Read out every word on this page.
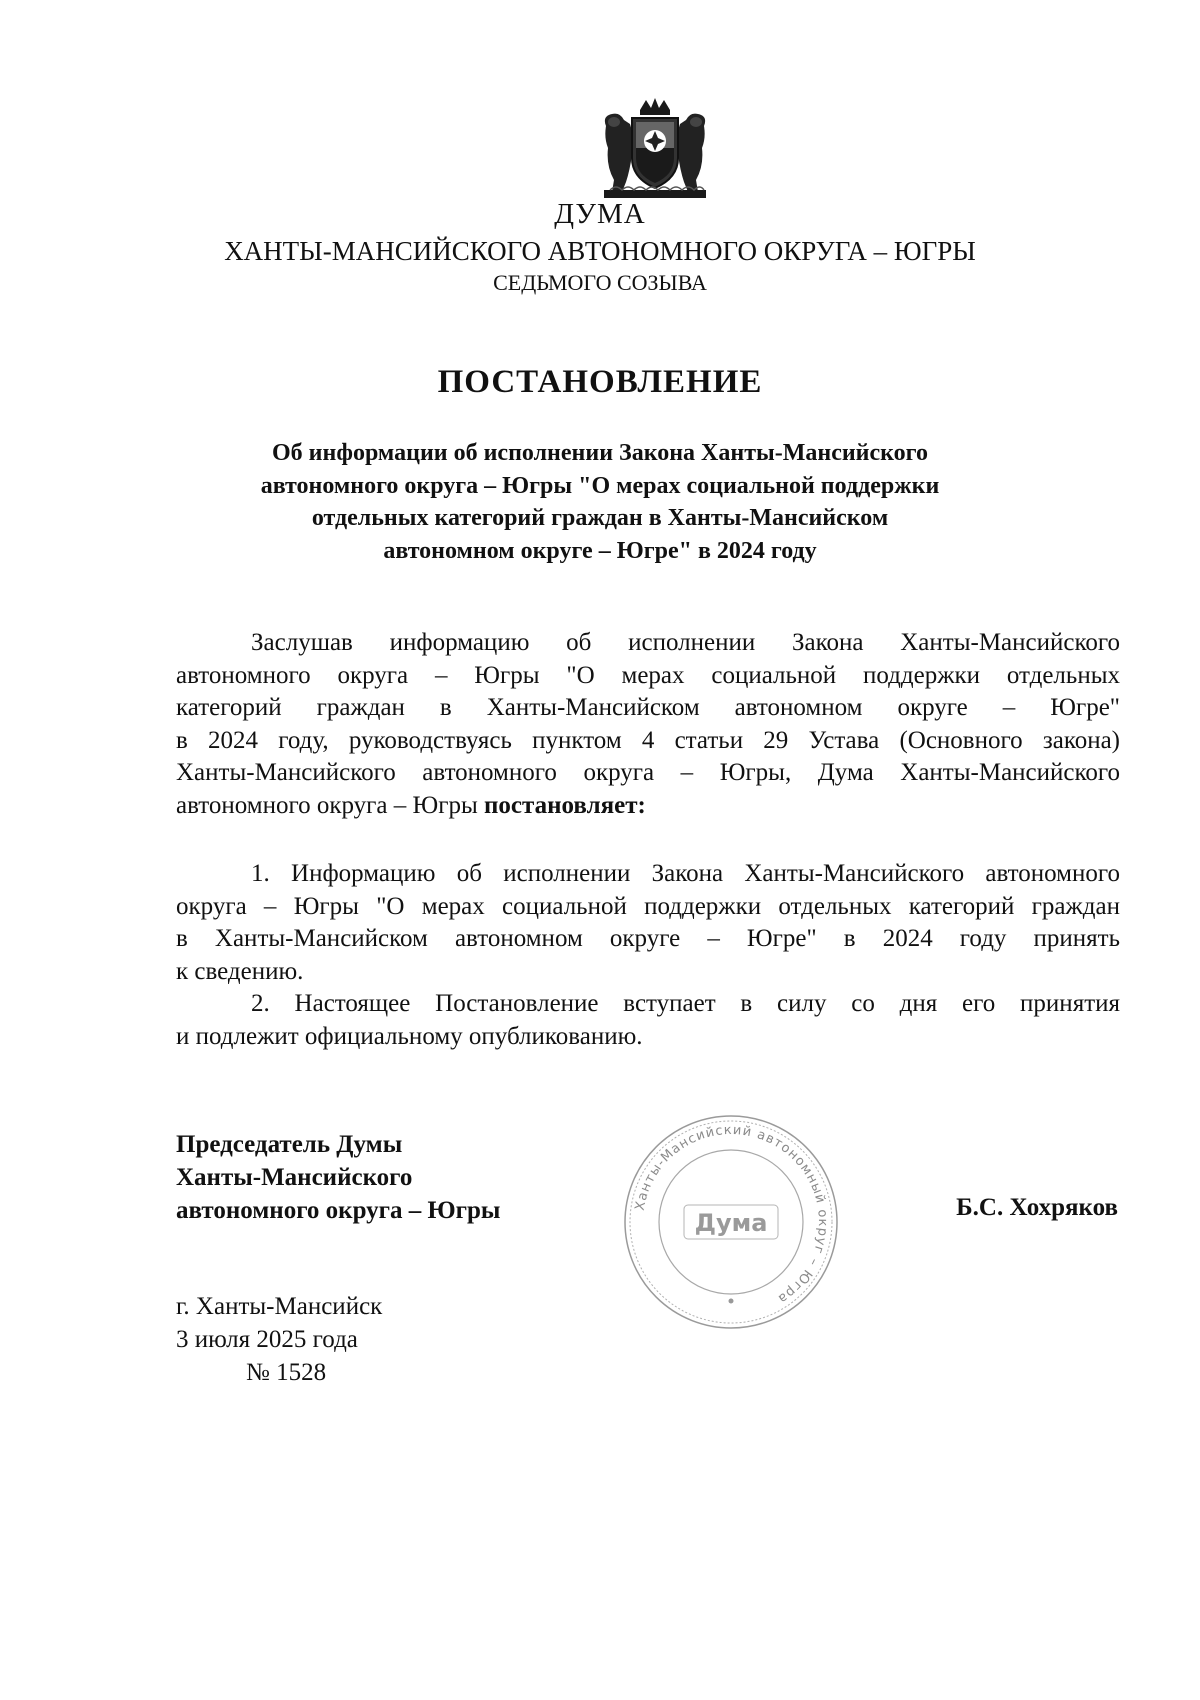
ДУМА
ХАНТЫ-МАНСИЙСКОГО АВТОНОМНОГО ОКРУГА – ЮГРЫ
СЕДЬМОГО СОЗЫВА
ПОСТАНОВЛЕНИЕ
Об информации об исполнении Закона Ханты-Мансийского
автономного округа – Югры "О мерах социальной поддержки
отдельных категорий граждан в Ханты-Мансийском
автономном округе – Югре" в 2024 году
Заслушав информацию об исполнении Закона Ханты-Мансийского
автономного округа – Югры "О мерах социальной поддержки отдельных
категорий граждан в Ханты-Мансийском автономном округе – Югре"
в 2024 году, руководствуясь пунктом 4 статьи 29 Устава (Основного закона)
Ханты-Мансийского автономного округа – Югры, Дума Ханты-Мансийского
автономного округа – Югры постановляет:
1. Информацию об исполнении Закона Ханты-Мансийского автономного
округа – Югры "О мерах социальной поддержки отдельных категорий граждан
в Ханты-Мансийском автономном округе – Югре" в 2024 году принять
к сведению.
2. Настоящее Постановление вступает в силу со дня его принятия
и подлежит официальному опубликованию.
Председатель Думы
Ханты-Мансийского
автономного округа – Югры	Б.С. Хохряков
Ханты-Мансийский автономный округ – Югра
Дума
г. Ханты-Мансийск
3 июля 2025 года
№ 1528
